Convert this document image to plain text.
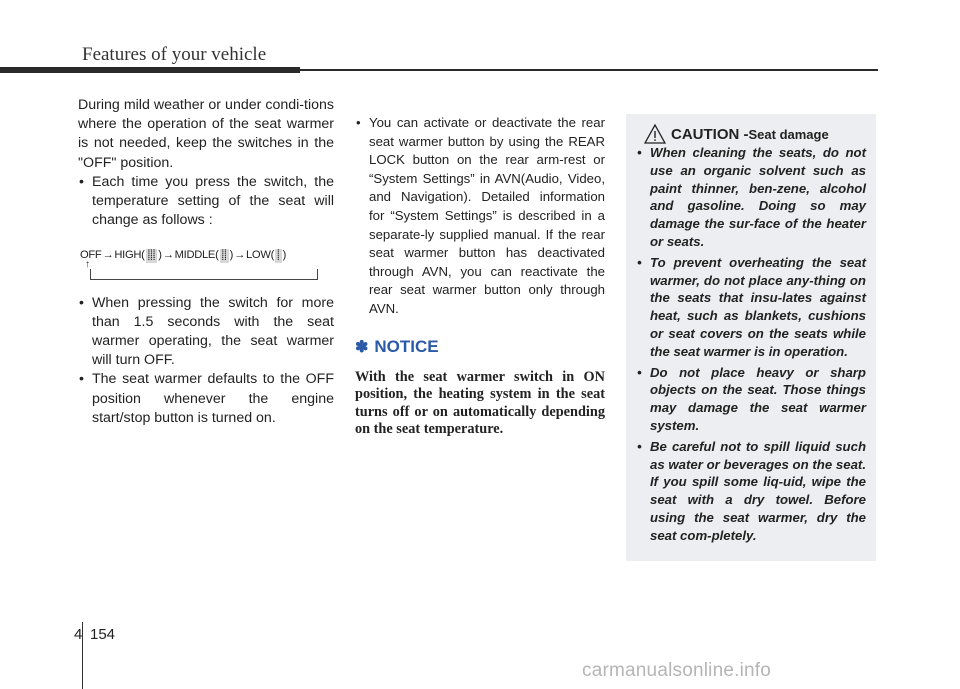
Features of your vehicle

During mild weather or under condi-tions where the operation of the seat warmer is not needed, keep the switches in the "OFF" position.

• Each time you press the switch, the temperature setting of the seat will change as follows :
OFF → HIGH( ⸽⸽⸽ ) → MIDDLE( ⸽⸽ ) → LOW( ⸽ )
↑
• When pressing the switch for more than 1.5 seconds with the seat warmer operating, the seat warmer will turn OFF.
• The seat warmer defaults to the OFF position whenever the engine start/stop button is turned on.
• You can activate or deactivate the rear seat warmer button by using the REAR LOCK button on the rear arm-rest or “System Settings” in AVN(Audio, Video, and Navigation). Detailed information for “System Settings” is described in a separate-ly supplied manual. If the rear seat warmer button has deactivated through AVN, you can reactivate the rear seat warmer button only through AVN.
✽ NOTICE

With the seat warmer switch in ON position, the heating system in the seat turns off or on automatically depending on the seat temperature.

CAUTION - Seat damage
• When cleaning the seats, do not use an organic solvent such as paint thinner, ben-zene, alcohol and gasoline. Doing so may damage the sur-face of the heater or seats.
• To prevent overheating the seat warmer, do not place any-thing on the seats that insu-lates against heat, such as blankets, cushions or seat covers on the seats while the seat warmer is in operation.
• Do not place heavy or sharp objects on the seat. Those things may damage the seat warmer system.
• Be careful not to spill liquid such as water or beverages on the seat. If you spill some liq-uid, wipe the seat with a dry towel. Before using the seat warmer, dry the seat com-pletely.
4 154
carmanualsonline.info
